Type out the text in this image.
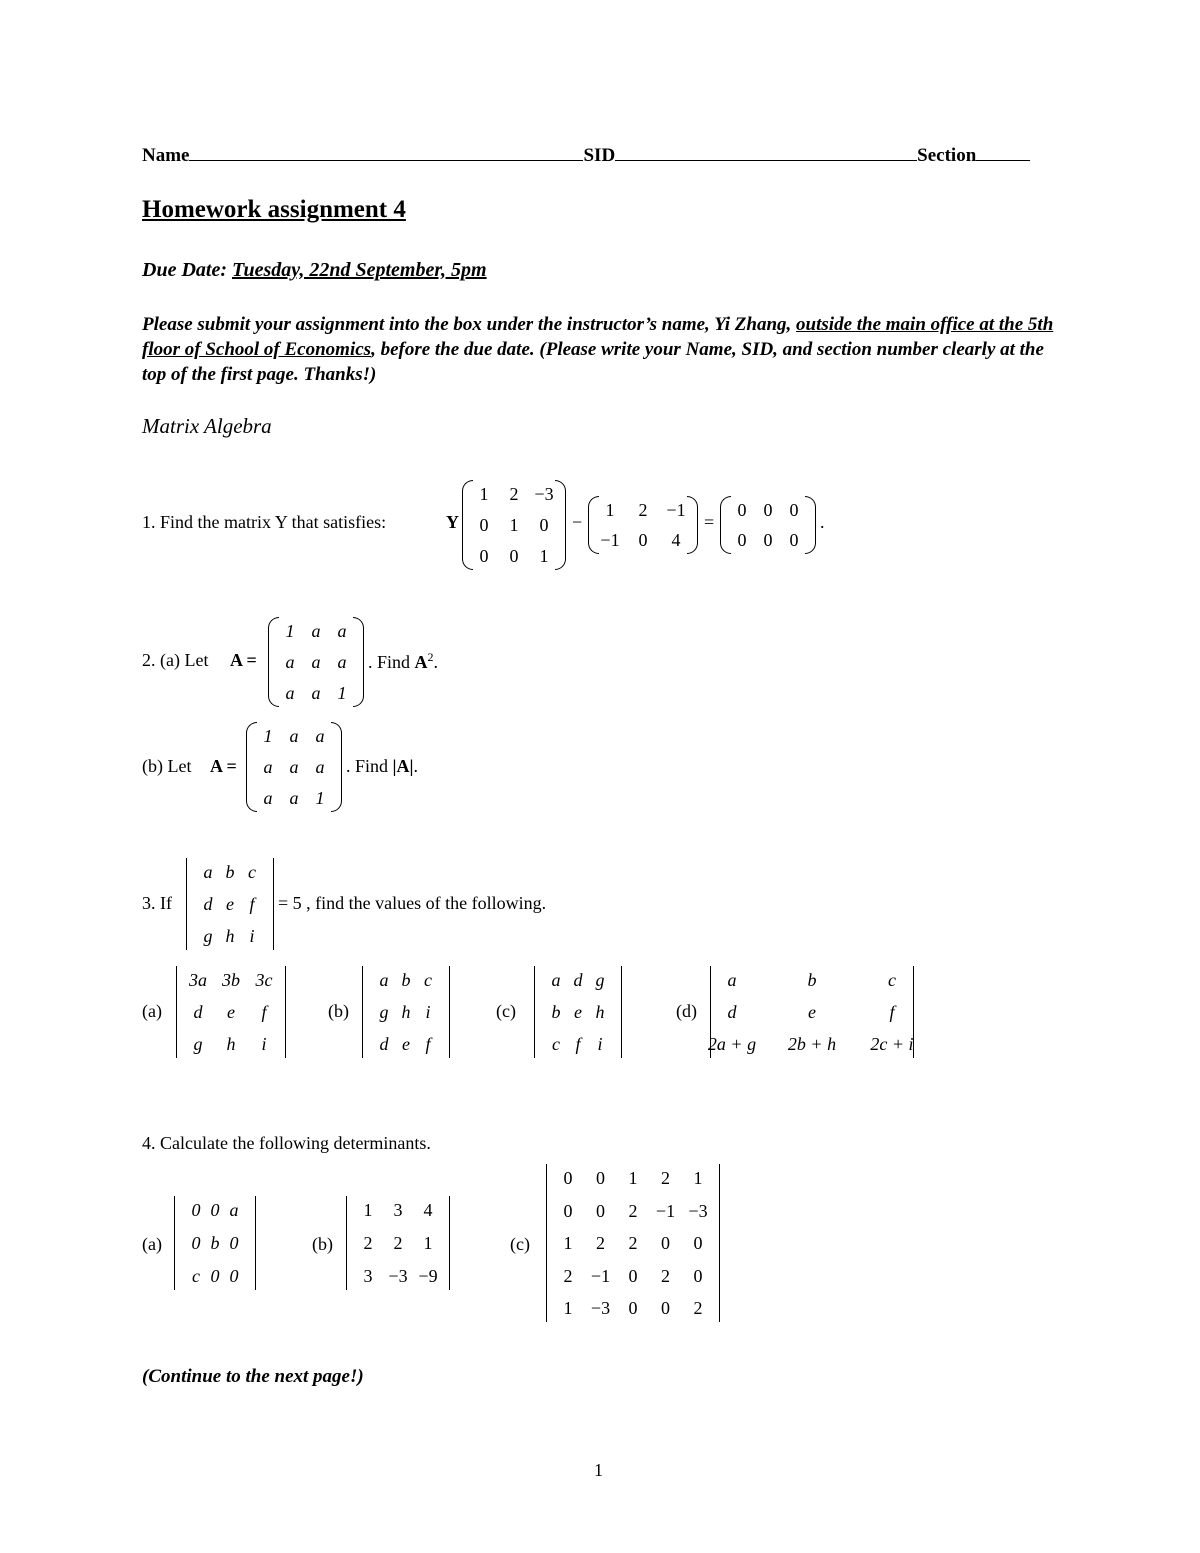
Name	SID	Section
Homework assignment 4
Due Date: Tuesday, 22nd September, 5pm
Please submit your assignment into the box under the instructor’s name, Yi Zhang, outside the main office at the 5th floor of School of Economics, before the due date. (Please write your Name, SID, and section number clearly at the top of the first page. Thanks!)
Matrix Algebra
1. Find the matrix Y that satisfies:	Y
1	2 −3
0	1	0
0	0	1
−
1	2	−1
−1	0	4
=
0 0 0
0 0 0
.
2. (a) Let A =
1 a a
a a a
a a 1
. Find $A^2$.
(b) Let A =
1 a a
a a a
a a 1
. Find |A|.
3. If
a b c
d e f
g h i
= 5 , find the values of the following.
(a)
3a 3b 3c
d	e	f
g	h	i
(b)
a b c
g h i
d e f
(c)
a d g
b e h
c f i
(d)
a	b	c
d	e	f
2a + g	2b + h	2c + i
4. Calculate the following determinants.
(a)
0 0 a
0 b 0
c 0 0
(b)
1	3	4
2	2	1
3 −3 −9
(c)
0	0	1	2	1
0	0	2	−1 −3
1	2	2	0	0
2	−1	0	2	0
1	−3	0	0	2
(Continue to the next page!)
1
